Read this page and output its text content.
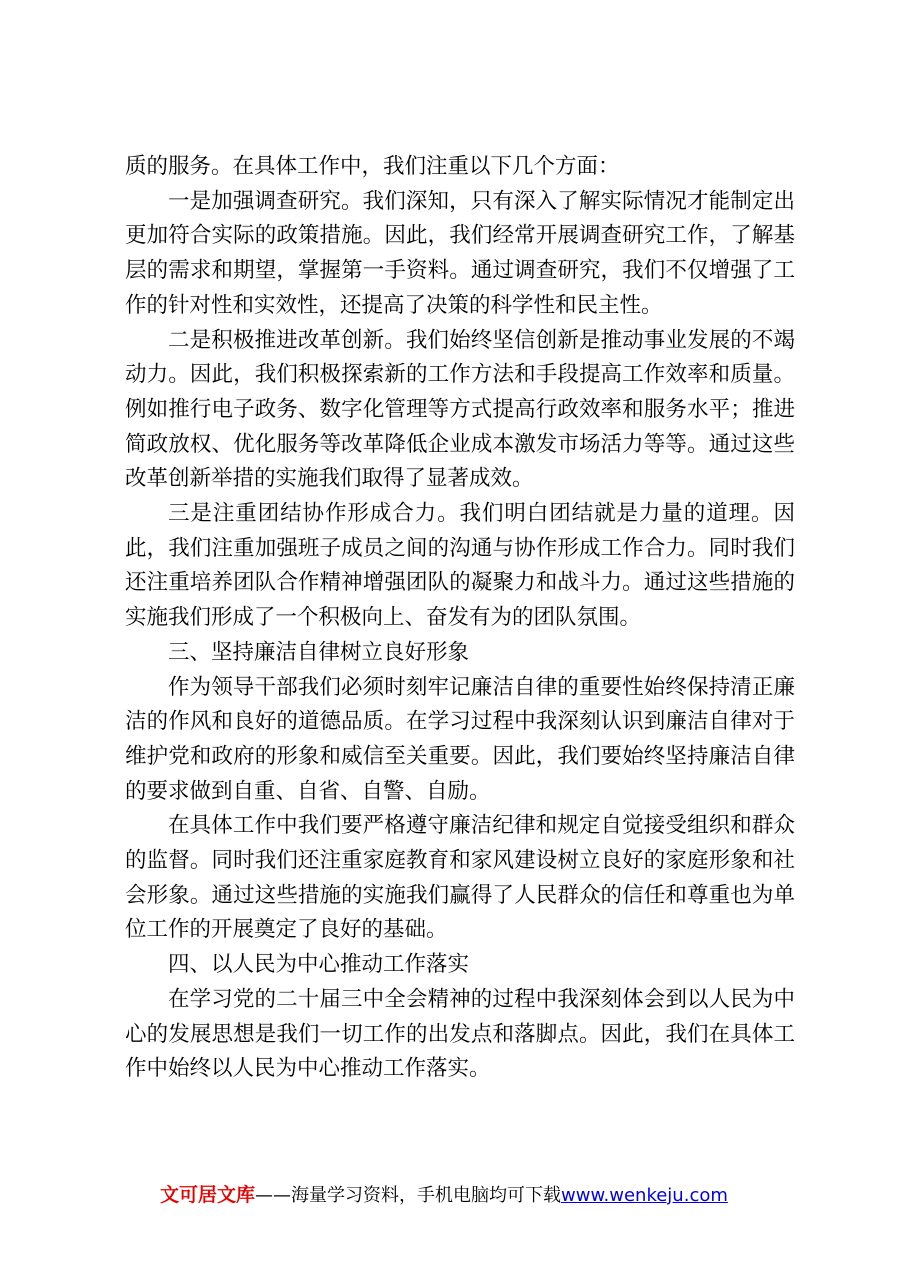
质的服务。在具体工作中，我们注重以下几个方面：

一是加强调查研究。我们深知，只有深入了解实际情况才能制定出更加符合实际的政策措施。因此，我们经常开展调查研究工作，了解基层的需求和期望，掌握第一手资料。通过调查研究，我们不仅增强了工作的针对性和实效性，还提高了决策的科学性和民主性。

二是积极推进改革创新。我们始终坚信创新是推动事业发展的不竭动力。因此，我们积极探索新的工作方法和手段提高工作效率和质量。例如推行电子政务、数字化管理等方式提高行政效率和服务水平；推进简政放权、优化服务等改革降低企业成本激发市场活力等等。通过这些改革创新举措的实施我们取得了显著成效。

三是注重团结协作形成合力。我们明白团结就是力量的道理。因此，我们注重加强班子成员之间的沟通与协作形成工作合力。同时我们还注重培养团队合作精神增强团队的凝聚力和战斗力。通过这些措施的实施我们形成了一个积极向上、奋发有为的团队氛围。

三、坚持廉洁自律树立良好形象

作为领导干部我们必须时刻牢记廉洁自律的重要性始终保持清正廉洁的作风和良好的道德品质。在学习过程中我深刻认识到廉洁自律对于维护党和政府的形象和威信至关重要。因此，我们要始终坚持廉洁自律的要求做到自重、自省、自警、自励。

在具体工作中我们要严格遵守廉洁纪律和规定自觉接受组织和群众的监督。同时我们还注重家庭教育和家风建设树立良好的家庭形象和社会形象。通过这些措施的实施我们赢得了人民群众的信任和尊重也为单位工作的开展奠定了良好的基础。

四、以人民为中心推动工作落实

在学习党的二十届三中全会精神的过程中我深刻体会到以人民为中心的发展思想是我们一切工作的出发点和落脚点。因此，我们在具体工作中始终以人民为中心推动工作落实。

文可居文库——海量学习资料，手机电脑均可下载www.wenkeju.com
